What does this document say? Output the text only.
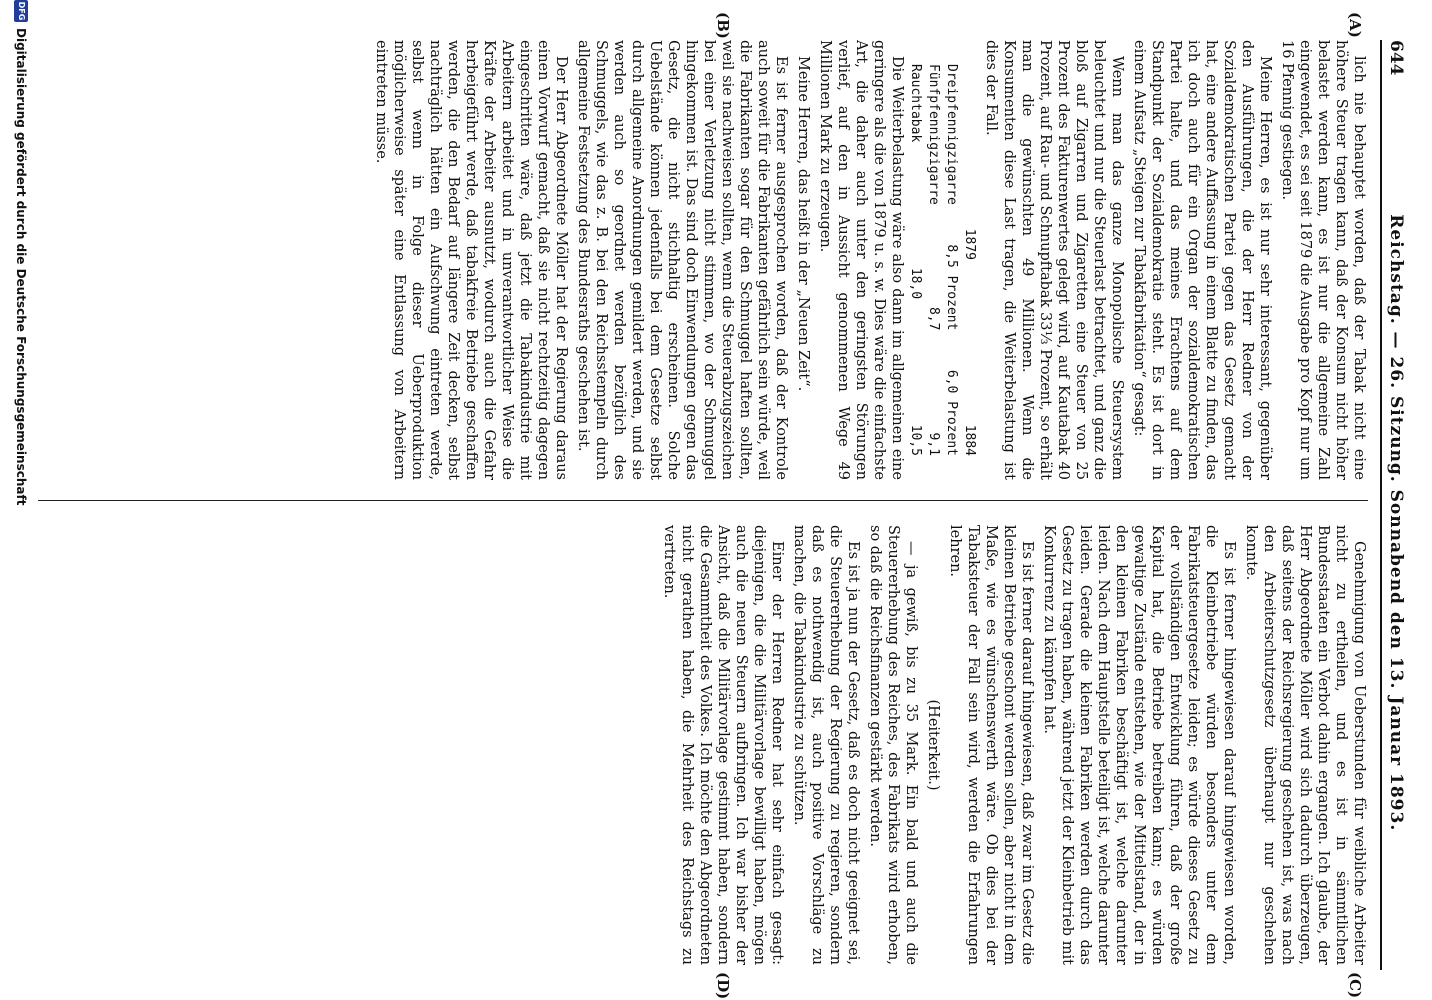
644
Reichstag. — 26. Sitzung. Sonnabend den 13. Januar 1893.
(A)
(B)
(C)
(D)

lich nie behauptet worden, daß der Tabak nicht eine höhere Steuer tragen kann, daß der Konsum nicht höher belastet werden kann, es ist nur die allgemeine Zahl eingewendet, es sei seit 1879 die Ausgabe pro Kopf nur um 16 Pfennig gestiegen.

Meine Herren, es ist nur sehr interessant, gegenüber den Ausführungen, die der Herr Redner von der Sozialdemokratischen Partei gegen das Gesetz gemacht hat, eine andere Auffassung in einem Blatte zu finden, das ich doch auch für ein Organ der sozialdemokratischen Partei halte, und das meines Erachtens auf dem Standpunkt der Sozialdemokratie steht. Es ist dort in einem Aufsatz „Steigen zur Tabakfabrikation“ gesagt:

Wenn man das ganze Monopolische Steuersystem beleuchtet und nur die Steuerlast betrachtet, und ganz die bloß auf Zigarren und Zigaretten eine Steuer von 25 Prozent des Fakturenwertes gelegt wird, auf Kautabak 40 Prozent, auf Rau- und Schnupftabak 33⅓ Prozent, so erhält man die gewünschten 49 Millionen. Wenn die Konsumenten diese Last tragen, die Weiterbelastung ist dies der Fall.

1879
1884
Dreipfennigzigarre
8,5 Prozent
6,0 Prozent
Fünfpfennigzigarre
8,7
9,1
Rauchtabak
18,0
10,5

Die Weiterbelastung wäre also dann im allgemeinen eine geringere als die von 1879 u. s. w. Dies wäre die einfachste Art, die daher auch unter den geringsten Störungen verlief, auf den in Aussicht genommenen Wege 49 Millionen Mark zu erzeugen.

Meine Herren, das heißt in der „Neuen Zeit“.

Es ist ferner ausgesprochen worden, daß der Kontrole auch soweit für die Fabrikanten gefährlich sein würde, weil die Fabrikanten sogar für den Schmuggel haften sollten, weil sie nachweisen sollten, wenn die Steuerabzugszeichen bei einer Verletzung nicht stimmen, wo der Schmuggel hingekommen ist. Das sind doch Einwendungen gegen das Gesetz, die nicht stichhaltig erscheinen. Solche Uebelstände können jedenfalls bei dem Gesetze selbst durch allgemeine Anordnungen gemildert werden, und sie werden auch so geordnet werden bezüglich des Schmuggels, wie das z. B. bei den Reichsstempeln durch allgemeine Festsetzung des Bundesraths geschehen ist.

Der Herr Abgeordnete Möller hat der Regierung daraus einen Vorwurf gemacht, daß sie nicht rechtzeitig dagegen eingeschritten wäre, daß jetzt die Tabakindustrie mit Arbeitern arbeitet und in unverantwortlicher Weise die Kräfte der Arbeiter ausnutzt, wodurch auch die Gefahr herbeigeführt werde, daß tabakfreie Betriebe geschaffen werden, die den Bedarf auf längere Zeit decken, selbst nachträglich hätten ein Aufschwung eintreten werde, selbst wenn in Folge dieser Ueberproduktion möglicherweise später eine Entlassung von Arbeitern eintreten müsse.

Genehmigung von Ueberstunden für weibliche Arbeiter nicht zu ertheilen, und es ist in sämmtlichen Bundesstaaten ein Verbot dahin ergangen. Ich glaube, der Herr Abgeordnete Möller wird sich dadurch überzeugen, daß seitens der Reichsregierung geschehen ist, was nach den Arbeiterschutzgesetz überhaupt nur geschehen konnte.

Es ist ferner hingewiesen darauf hingewiesen worden, die Kleinbetriebe würden besonders unter dem Fabrikatsteuergesetze leiden; es würde dieses Gesetz zu der vollständigen Entwicklung führen, daß der große Kapital hat, die Betriebe betreiben kann; es würden gewaltige Zustände entstehen, wie der Mittelstand, der in den kleinen Fabriken beschäftigt ist, welche darunter leiden. Nach dem Hauptstelle beteiligt ist, welche darunter leiden. Gerade die kleinen Fabriken werden durch das Gesetz zu tragen haben, während jetzt der Kleinbetrieb mit Konkurrenz zu kämpfen hat.

Es ist ferner darauf hingewiesen, daß zwar im Gesetz die kleinen Betriebe geschont werden sollen, aber nicht in dem Maße, wie es wünschenswerth wäre. Ob dies bei der Tabaksteuer der Fall sein wird, werden die Erfahrungen lehren.

(Heiterkeit.)

— ja gewiß, bis zu 35 Mark. Ein bald und auch die Steuererhebung des Reiches, des Fabrikats wird erhoben, so daß die Reichsfinanzen gestärkt werden.

Es ist ja nun der Gesetz, daß es doch nicht geeignet sei, die Steuererhebung der Regierung zu regieren, sondern daß es nothwendig ist, auch positive Vorschläge zu machen, die Tabakindustrie zu schützen.

Einer der Herren Redner hat sehr einfach gesagt: diejenigen, die die Militärvorlage bewilligt haben, mögen auch die neuen Steuern aufbringen. Ich war bisher der Ansicht, daß die Militärvorlage gestimmt haben, sondern die Gesammtheit des Volkes. Ich möchte den Abgeordneten nicht gerathen haben, die Mehrheit des Reichstags zu vertreten.

DFG
Digitalisierung gefördert durch die Deutsche Forschungsgemeinschaft
